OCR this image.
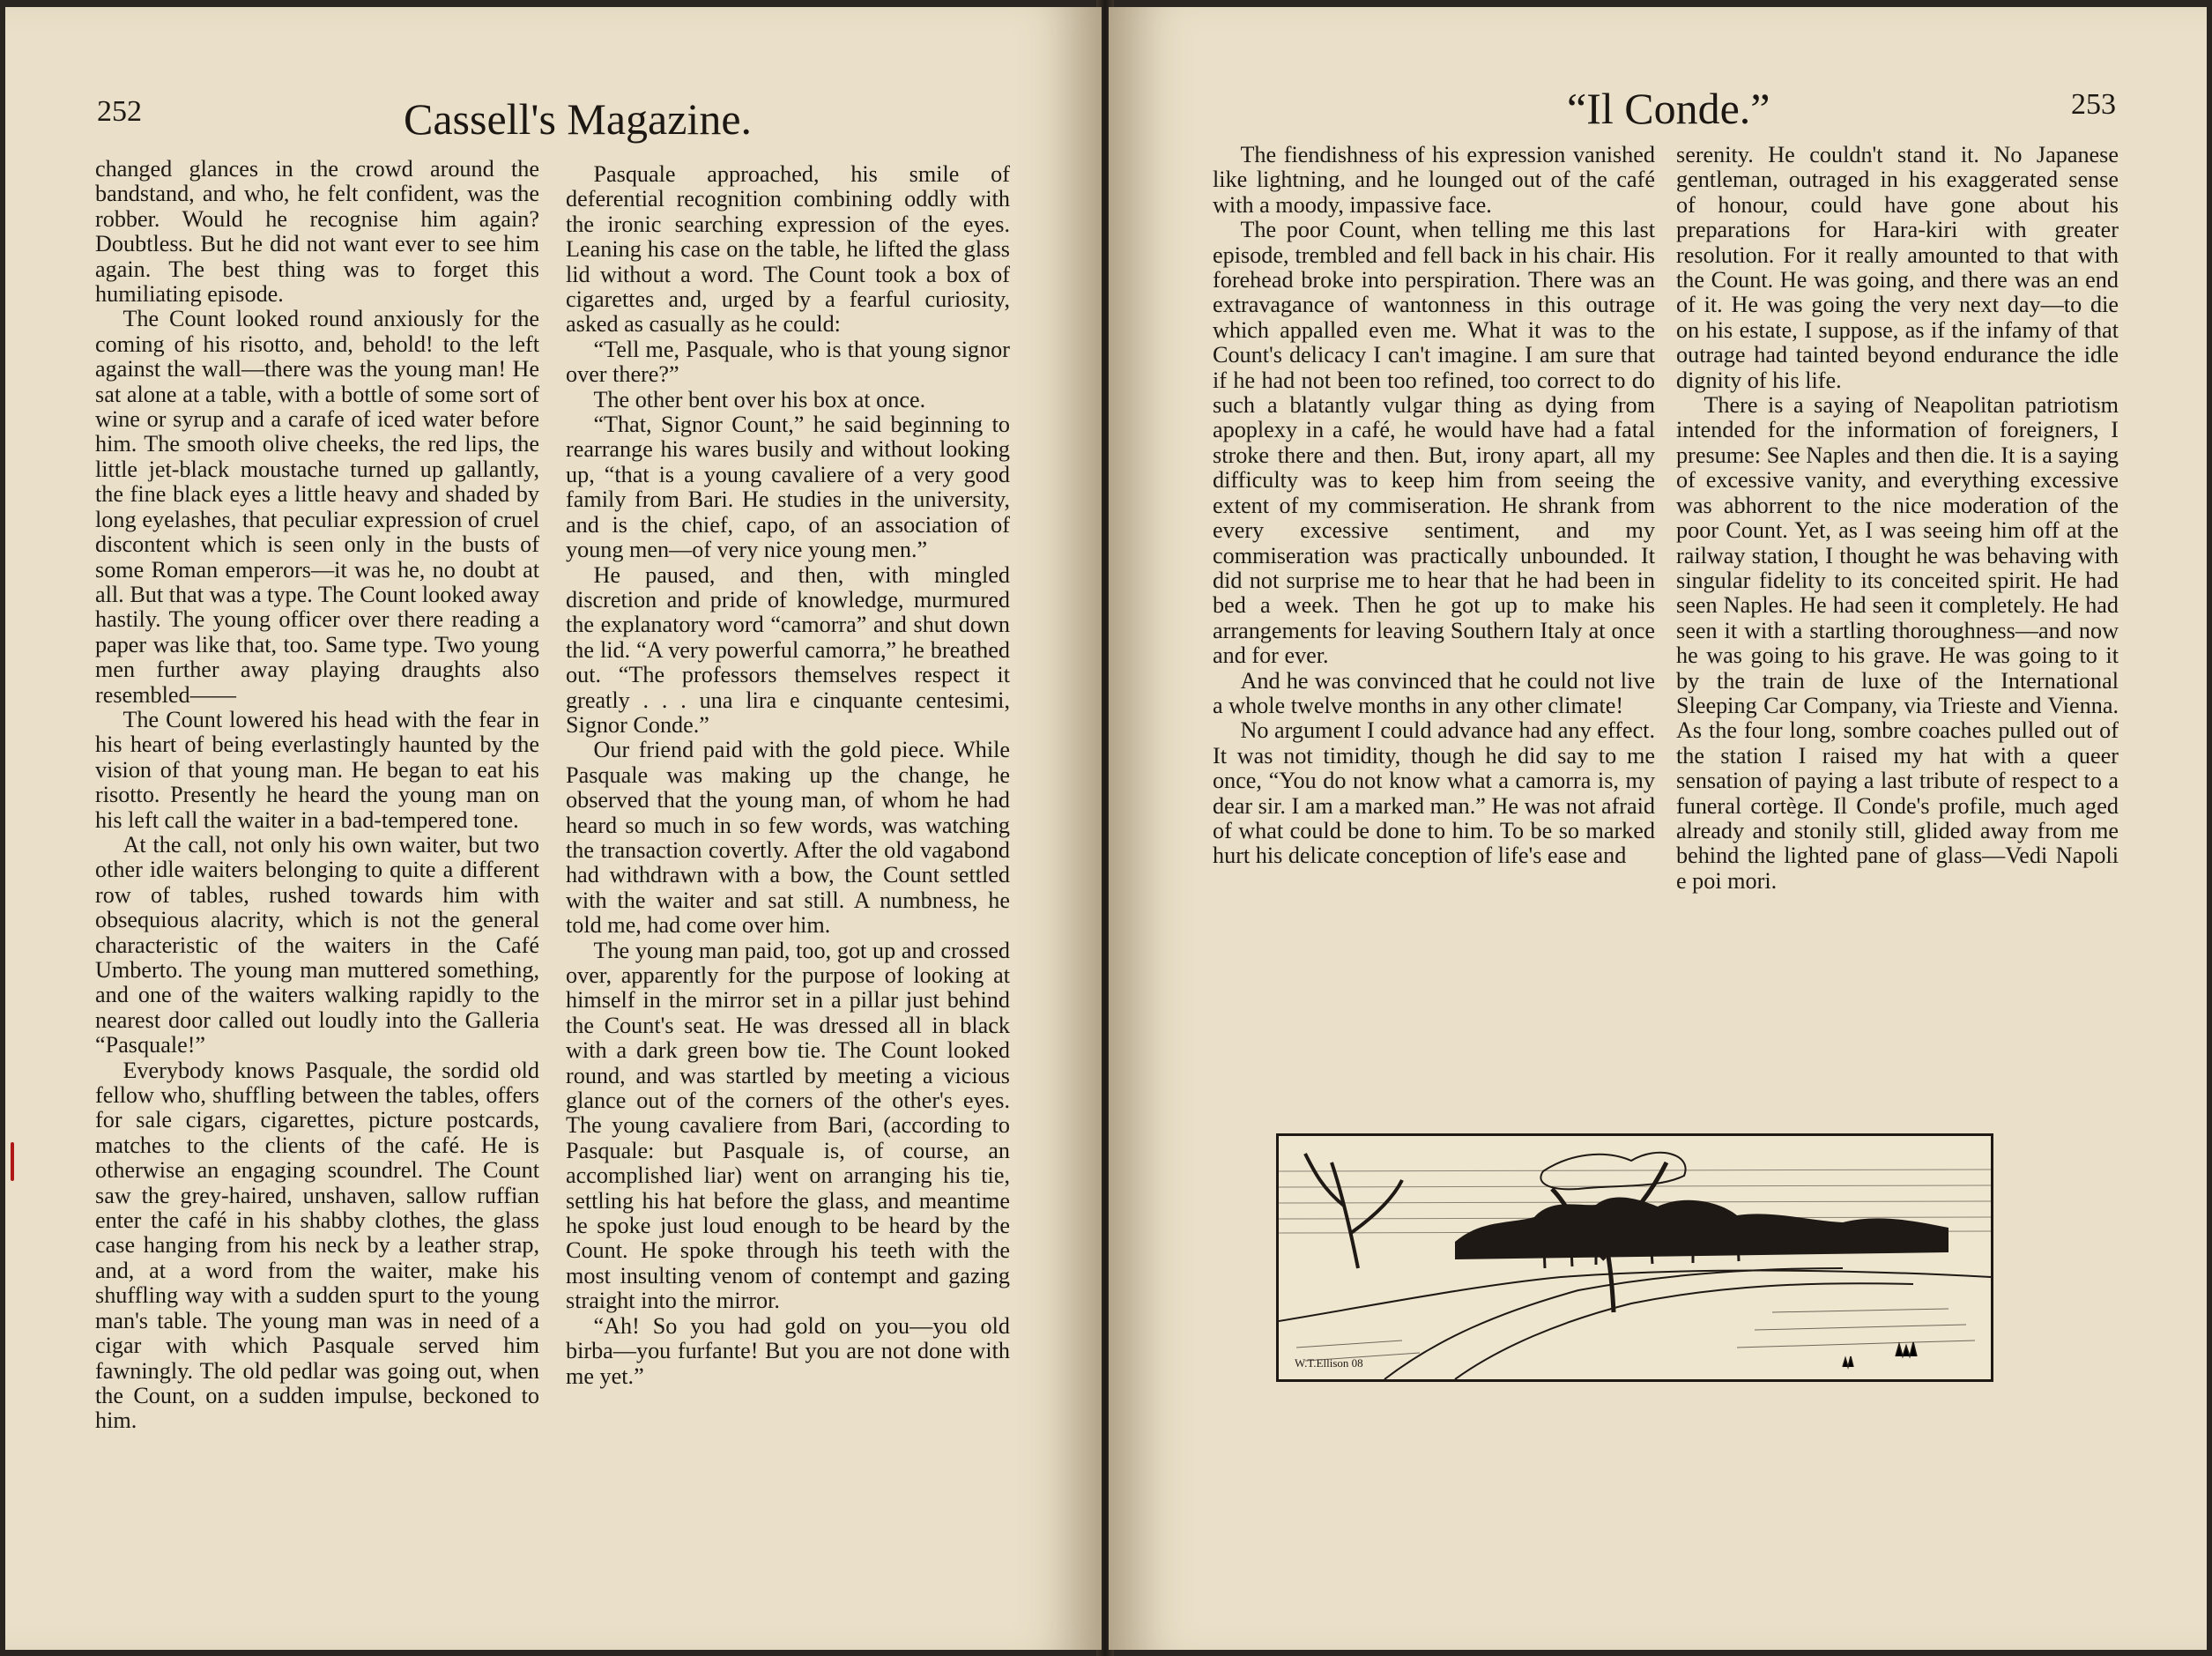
252	Cassell's Magazine.

changed glances in the crowd around the bandstand, and who, he felt confident, was the robber. Would he recognise him again? Doubtless. But he did not want ever to see him again. The best thing was to forget this humiliating episode.

The Count looked round anxiously for the coming of his risotto, and, behold! to the left against the wall—there was the young man! He sat alone at a table, with a bottle of some sort of wine or syrup and a carafe of iced water before him. The smooth olive cheeks, the red lips, the little jet-black moustache turned up gallantly, the fine black eyes a little heavy and shaded by long eyelashes, that peculiar expression of cruel discontent which is seen only in the busts of some Roman emperors—it was he, no doubt at all. But that was a type. The Count looked away hastily. The young officer over there reading a paper was like that, too. Same type. Two young men further away playing draughts also resembled——

The Count lowered his head with the fear in his heart of being everlastingly haunted by the vision of that young man. He began to eat his risotto. Presently he heard the young man on his left call the waiter in a bad-tempered tone.

At the call, not only his own waiter, but two other idle waiters belonging to quite a different row of tables, rushed towards him with obsequious alacrity, which is not the general characteristic of the waiters in the Café Umberto. The young man muttered something, and one of the waiters walking rapidly to the nearest door called out loudly into the Galleria “Pasquale!”

Everybody knows Pasquale, the sordid old fellow who, shuffling between the tables, offers for sale cigars, cigarettes, picture postcards, matches to the clients of the café. He is otherwise an engaging scoundrel. The Count saw the grey-haired, unshaven, sallow ruffian enter the café in his shabby clothes, the glass case hanging from his neck by a leather strap, and, at a word from the waiter, make his shuffling way with a sudden spurt to the young man's table. The young man was in need of a cigar with which Pasquale served him fawningly. The old pedlar was going out, when the Count, on a sudden impulse, beckoned to him.

Pasquale approached, his smile of deferential recognition combining oddly with the ironic searching expression of the eyes. Leaning his case on the table, he lifted the glass lid without a word. The Count took a box of cigarettes and, urged by a fearful curiosity, asked as casually as he could:

“Tell me, Pasquale, who is that young signor over there?”

The other bent over his box at once.

“That, Signor Count,” he said beginning to rearrange his wares busily and without looking up, “that is a young cavaliere of a very good family from Bari. He studies in the university, and is the chief, capo, of an association of young men—of very nice young men.”

He paused, and then, with mingled discretion and pride of knowledge, murmured the explanatory word “camorra” and shut down the lid. “A very powerful camorra,” he breathed out. “The professors themselves respect it greatly . . . una lira e cinquante centesimi, Signor Conde.”

Our friend paid with the gold piece. While Pasquale was making up the change, he observed that the young man, of whom he had heard so much in so few words, was watching the transaction covertly. After the old vagabond had withdrawn with a bow, the Count settled with the waiter and sat still. A numbness, he told me, had come over him.

The young man paid, too, got up and crossed over, apparently for the purpose of looking at himself in the mirror set in a pillar just behind the Count's seat. He was dressed all in black with a dark green bow tie. The Count looked round, and was startled by meeting a vicious glance out of the corners of the other's eyes. The young cavaliere from Bari, (according to Pasquale: but Pasquale is, of course, an accomplished liar) went on arranging his tie, settling his hat before the glass, and meantime he spoke just loud enough to be heard by the Count. He spoke through his teeth with the most insulting venom of contempt and gazing straight into the mirror.

“Ah! So you had gold on you—you old birba—you furfante! But you are not done with me yet.”

“Il Conde.”	253

The fiendishness of his expression vanished like lightning, and he lounged out of the café with a moody, impassive face.

The poor Count, when telling me this last episode, trembled and fell back in his chair. His forehead broke into perspiration. There was an extravagance of wantonness in this outrage which appalled even me. What it was to the Count's delicacy I can't imagine. I am sure that if he had not been too refined, too correct to do such a blatantly vulgar thing as dying from apoplexy in a café, he would have had a fatal stroke there and then. But, irony apart, all my difficulty was to keep him from seeing the extent of my commiseration. He shrank from every excessive sentiment, and my commiseration was practically unbounded. It did not surprise me to hear that he had been in bed a week. Then he got up to make his arrangements for leaving Southern Italy at once and for ever.

And he was convinced that he could not live a whole twelve months in any other climate!

No argument I could advance had any effect. It was not timidity, though he did say to me once, “You do not know what a camorra is, my dear sir. I am a marked man.” He was not afraid of what could be done to him. To be so marked hurt his delicate conception of life's ease and

serenity. He couldn't stand it. No Japanese gentleman, outraged in his exaggerated sense of honour, could have gone about his preparations for Hara-kiri with greater resolution. For it really amounted to that with the Count. He was going, and there was an end of it. He was going the very next day—to die on his estate, I suppose, as if the infamy of that outrage had tainted beyond endurance the idle dignity of his life.

There is a saying of Neapolitan patriotism intended for the information of foreigners, I presume: See Naples and then die. It is a saying of excessive vanity, and everything excessive was abhorrent to the nice moderation of the poor Count. Yet, as I was seeing him off at the railway station, I thought he was behaving with singular fidelity to its conceited spirit. He had seen Naples. He had seen it completely. He had seen it with a startling thoroughness—and now he was going to his grave. He was going to it by the train de luxe of the International Sleeping Car Company, via Trieste and Vienna. As the four long, sombre coaches pulled out of the station I raised my hat with a queer sensation of paying a last tribute of respect to a funeral cortège. Il Conde's profile, much aged already and stonily still, glided away from me behind the lighted pane of glass—Vedi Napoli e poi mori.

W.T.Ellison 08
